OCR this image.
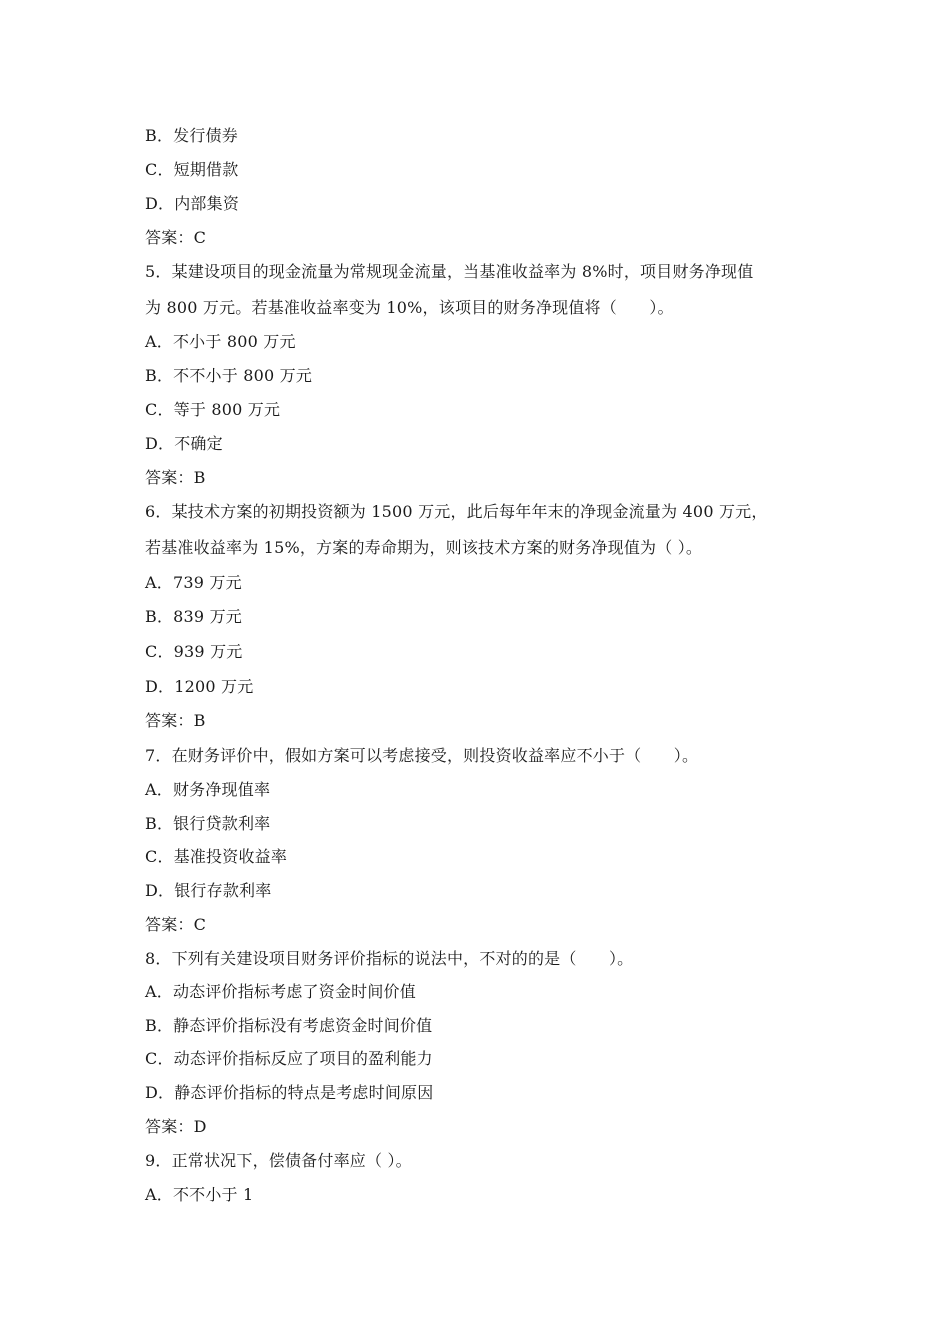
B．发行债券
C．短期借款
D．内部集资
答案：C
5．某建设项目的现金流量为常规现金流量，当基准收益率为 8%时，项目财务净现值
为 800 万元。若基准收益率变为 10%，该项目的财务净现值将（　　）。
A．不小于 800 万元
B．不不小于 800 万元
C．等于 800 万元
D．不确定
答案：B
6．某技术方案的初期投资额为 1500 万元，此后每年年末的净现金流量为 400 万元，
若基准收益率为 15%，方案的寿命期为，则该技术方案的财务净现值为（ ）。
A．739 万元
B．839 万元
C．939 万元
D．1200 万元
答案：B
7．在财务评价中，假如方案可以考虑接受，则投资收益率应不小于（　　）。
A．财务净现值率
B．银行贷款利率
C．基准投资收益率
D．银行存款利率
答案：C
8．下列有关建设项目财务评价指标的说法中，不对的的是（　　）。
A．动态评价指标考虑了资金时间价值
B．静态评价指标没有考虑资金时间价值
C．动态评价指标反应了项目的盈利能力
D．静态评价指标的特点是考虑时间原因
答案：D
9．正常状况下，偿债备付率应（ ）。
A．不不小于 1
